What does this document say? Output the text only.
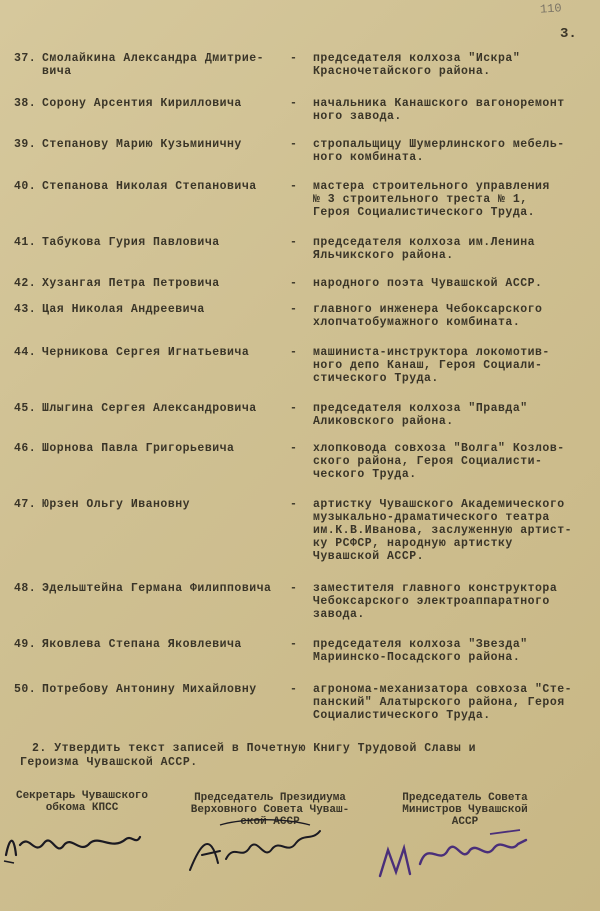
110
3.
37. Смолайкина Александра Дмитрие-
вича
- председателя колхоза "Искра"
Красночетайского района.
38. Сорону Арсентия Кирилловича	- начальника Канашского вагоноремонт
ного завода.
39. Степанову Марию Кузьминичну	- стропальщицу Шумерлинского мебель-
ного комбината.
40. Степанова Николая Степановича	- мастера строительного управления
№ 3 строительного треста № 1,
Героя Социалистического Труда.
41. Табукова Гурия Павловича	- председателя колхоза им.Ленина
Яльчикского района.
42. Хузангая Петра Петровича	- народного поэта Чувашской АССР.
43. Цая Николая Андреевича	- главного инженера Чебоксарского
хлопчатобумажного комбината.
44. Черникова Сергея Игнатьевича	- машиниста-инструктора локомотив-
ного депо Канаш, Героя Социали-
стического Труда.
45. Шлыгина Сергея Александровича	- председателя колхоза "Правда"
Аликовского района.
46. Шорнова Павла Григорьевича	- хлопковода совхоза "Волга" Козлов-
ского района, Героя Социалисти-
ческого Труда.
47. Юрзен Ольгу Ивановну	- артистку Чувашского Академического
музыкально-драматического театра
им.К.В.Иванова, заслуженную артист-
ку РСФСР, народную артистку
Чувашской АССР.
48. Эдельштейна Германа Филипповича	- заместителя главного конструктора
Чебоксарского электроаппаратного
завода.
49. Яковлева Степана Яковлевича	- председателя колхоза "Звезда"
Мариинско-Посадского района.
50. Потребову Антонину Михайловну	- агронома-механизатора совхоза "Сте-
панский" Алатырского района, Героя
Социалистического Труда.
2. Утвердить текст записей в Почетную Книгу Трудовой Славы и
Героизма Чувашской АССР.
Секретарь Чувашского
обкома КПСС
Председатель Президиума
Верховного Совета Чуваш-
ской АССР
Председатель Совета
Министров Чувашской
АССР
